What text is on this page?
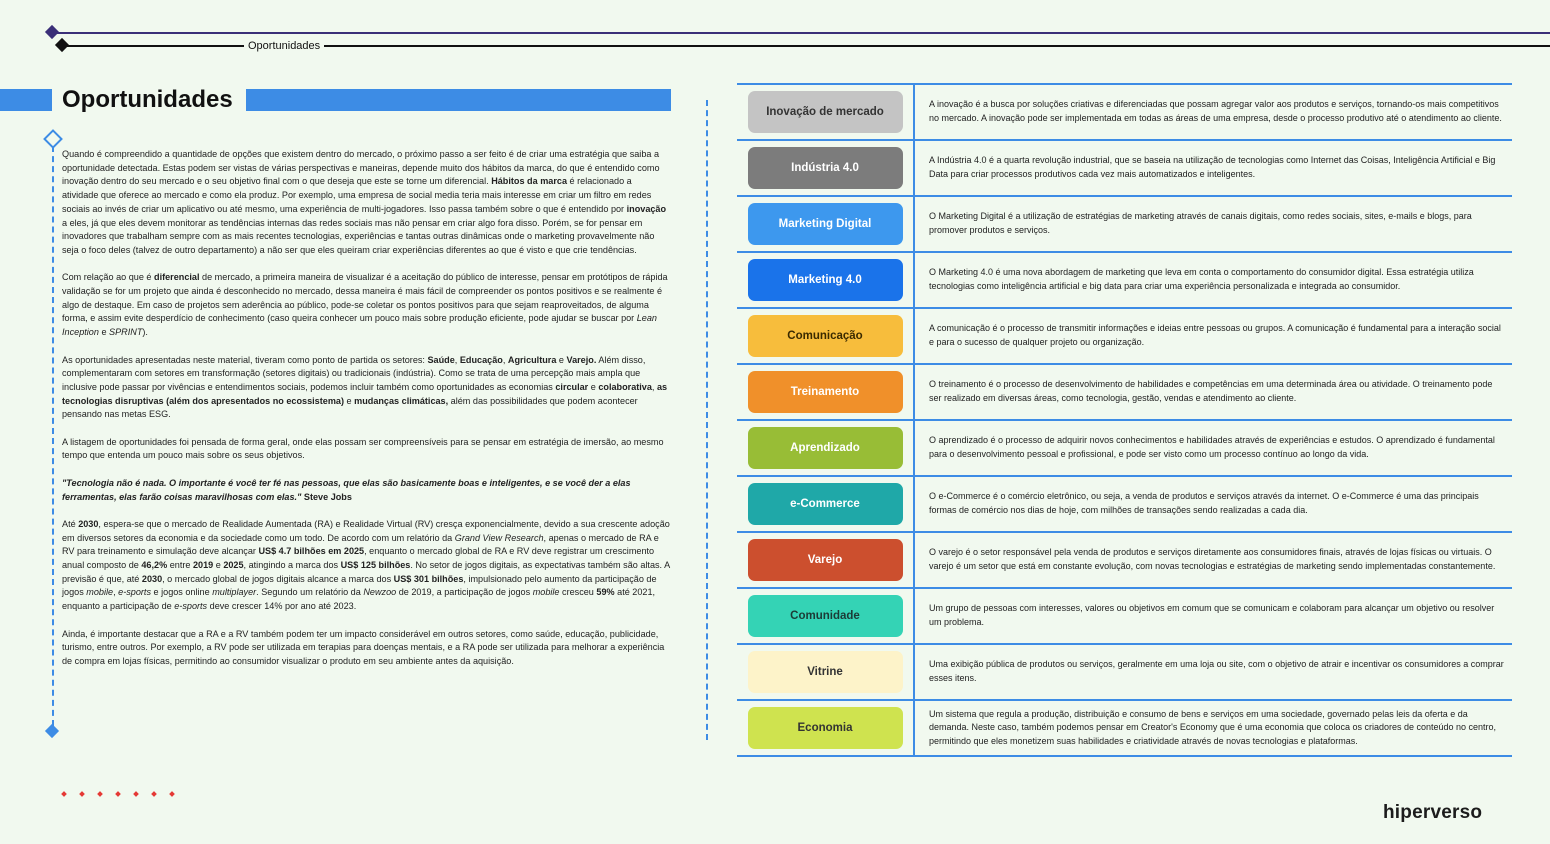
Oportunidades
Oportunidades

Quando é compreendido a quantidade de opções que existem dentro do mercado, o próximo passo a ser feito é de criar uma estratégia que saiba a oportunidade detectada. Estas podem ser vistas de várias perspectivas e maneiras, depende muito dos hábitos da marca, do que é entendido como inovação dentro do seu mercado e o seu objetivo final com o que deseja que este se torne um diferencial. Hábitos da marca é relacionado a atividade que oferece ao mercado e como ela produz. Por exemplo, uma empresa de social media teria mais interesse em criar um filtro em redes sociais ao invés de criar um aplicativo ou até mesmo, uma experiência de multi-jogadores. Isso passa também sobre o que é entendido por inovação a eles, já que eles devem monitorar as tendências internas das redes sociais mas não pensar em criar algo fora disso. Porém, se for pensar em inovadores que trabalham sempre com as mais recentes tecnologias, experiências e tantas outras dinâmicas onde o marketing provavelmente não seja o foco deles (talvez de outro departamento) a não ser que eles queiram criar experiências diferentes ao que é visto e que crie tendências.

Com relação ao que é diferencial de mercado, a primeira maneira de visualizar é a aceitação do público de interesse, pensar em protótipos de rápida validação se for um projeto que ainda é desconhecido no mercado, dessa maneira é mais fácil de compreender os pontos positivos e se realmente é algo de destaque. Em caso de projetos sem aderência ao público, pode-se coletar os pontos positivos para que sejam reaproveitados, de alguma forma, e assim evite desperdício de conhecimento (caso queira conhecer um pouco mais sobre produção eficiente, pode ajudar se buscar por Lean Inception e SPRINT).

As oportunidades apresentadas neste material, tiveram como ponto de partida os setores: Saúde, Educação, Agricultura e Varejo. Além disso, complementaram com setores em transformação (setores digitais) ou tradicionais (indústria). Como se trata de uma percepção mais ampla que inclusive pode passar por vivências e entendimentos sociais, podemos incluir também como oportunidades as economias circular e colaborativa, as tecnologias disruptivas (além dos apresentados no ecossistema) e mudanças climáticas, além das possibilidades que podem acontecer pensando nas metas ESG.

A listagem de oportunidades foi pensada de forma geral, onde elas possam ser compreensíveis para se pensar em estratégia de imersão, ao mesmo tempo que entenda um pouco mais sobre os seus objetivos.

"Tecnologia não é nada. O importante é você ter fé nas pessoas, que elas são basicamente boas e inteligentes, e se você der a elas ferramentas, elas farão coisas maravilhosas com elas." Steve Jobs

Até 2030, espera-se que o mercado de Realidade Aumentada (RA) e Realidade Virtual (RV) cresça exponencialmente, devido a sua crescente adoção em diversos setores da economia e da sociedade como um todo. De acordo com um relatório da Grand View Research, apenas o mercado de RA e RV para treinamento e simulação deve alcançar US$ 4.7 bilhões em 2025, enquanto o mercado global de RA e RV deve registrar um crescimento anual composto de 46,2% entre 2019 e 2025, atingindo a marca dos US$ 125 bilhões. No setor de jogos digitais, as expectativas também são altas. A previsão é que, até 2030, o mercado global de jogos digitais alcance a marca dos US$ 301 bilhões, impulsionado pelo aumento da participação de jogos mobile, e-sports e jogos online multiplayer. Segundo um relatório da Newzoo de 2019, a participação de jogos mobile cresceu 59% até 2021, enquanto a participação de e-sports deve crescer 14% por ano até 2023.

Ainda, é importante destacar que a RA e a RV também podem ter um impacto considerável em outros setores, como saúde, educação, publicidade, turismo, entre outros. Por exemplo, a RV pode ser utilizada em terapias para doenças mentais, e a RA pode ser utilizada para melhorar a experiência de compra em lojas físicas, permitindo ao consumidor visualizar o produto em seu ambiente antes da aquisição.

Inovação de mercado
A inovação é a busca por soluções criativas e diferenciadas que possam agregar valor aos produtos e serviços, tornando-os mais competitivos no mercado. A inovação pode ser implementada em todas as áreas de uma empresa, desde o processo produtivo até o atendimento ao cliente.
Indústria 4.0
A Indústria 4.0 é a quarta revolução industrial, que se baseia na utilização de tecnologias como Internet das Coisas, Inteligência Artificial e Big Data para criar processos produtivos cada vez mais automatizados e inteligentes.
Marketing Digital
O Marketing Digital é a utilização de estratégias de marketing através de canais digitais, como redes sociais, sites, e-mails e blogs, para promover produtos e serviços.
Marketing 4.0
O Marketing 4.0 é uma nova abordagem de marketing que leva em conta o comportamento do consumidor digital. Essa estratégia utiliza tecnologias como inteligência artificial e big data para criar uma experiência personalizada e integrada ao consumidor.
Comunicação
A comunicação é o processo de transmitir informações e ideias entre pessoas ou grupos. A comunicação é fundamental para a interação social e para o sucesso de qualquer projeto ou organização.
Treinamento
O treinamento é o processo de desenvolvimento de habilidades e competências em uma determinada área ou atividade. O treinamento pode ser realizado em diversas áreas, como tecnologia, gestão, vendas e atendimento ao cliente.
Aprendizado
O aprendizado é o processo de adquirir novos conhecimentos e habilidades através de experiências e estudos. O aprendizado é fundamental para o desenvolvimento pessoal e profissional, e pode ser visto como um processo contínuo ao longo da vida.
e-Commerce
O e-Commerce é o comércio eletrônico, ou seja, a venda de produtos e serviços através da internet. O e-Commerce é uma das principais formas de comércio nos dias de hoje, com milhões de transações sendo realizadas a cada dia.
Varejo
O varejo é o setor responsável pela venda de produtos e serviços diretamente aos consumidores finais, através de lojas físicas ou virtuais. O varejo é um setor que está em constante evolução, com novas tecnologias e estratégias de marketing sendo implementadas constantemente.
Comunidade
Um grupo de pessoas com interesses, valores ou objetivos em comum que se comunicam e colaboram para alcançar um objetivo ou resolver um problema.
Vitrine
Uma exibição pública de produtos ou serviços, geralmente em uma loja ou site, com o objetivo de atrair e incentivar os consumidores a comprar esses itens.
Economia
Um sistema que regula a produção, distribuição e consumo de bens e serviços em uma sociedade, governado pelas leis da oferta e da demanda. Neste caso, também podemos pensar em Creator's Economy que é uma economia que coloca os criadores de conteúdo no centro, permitindo que eles monetizem suas habilidades e criatividade através de novas tecnologias e plataformas.
hiperverso
